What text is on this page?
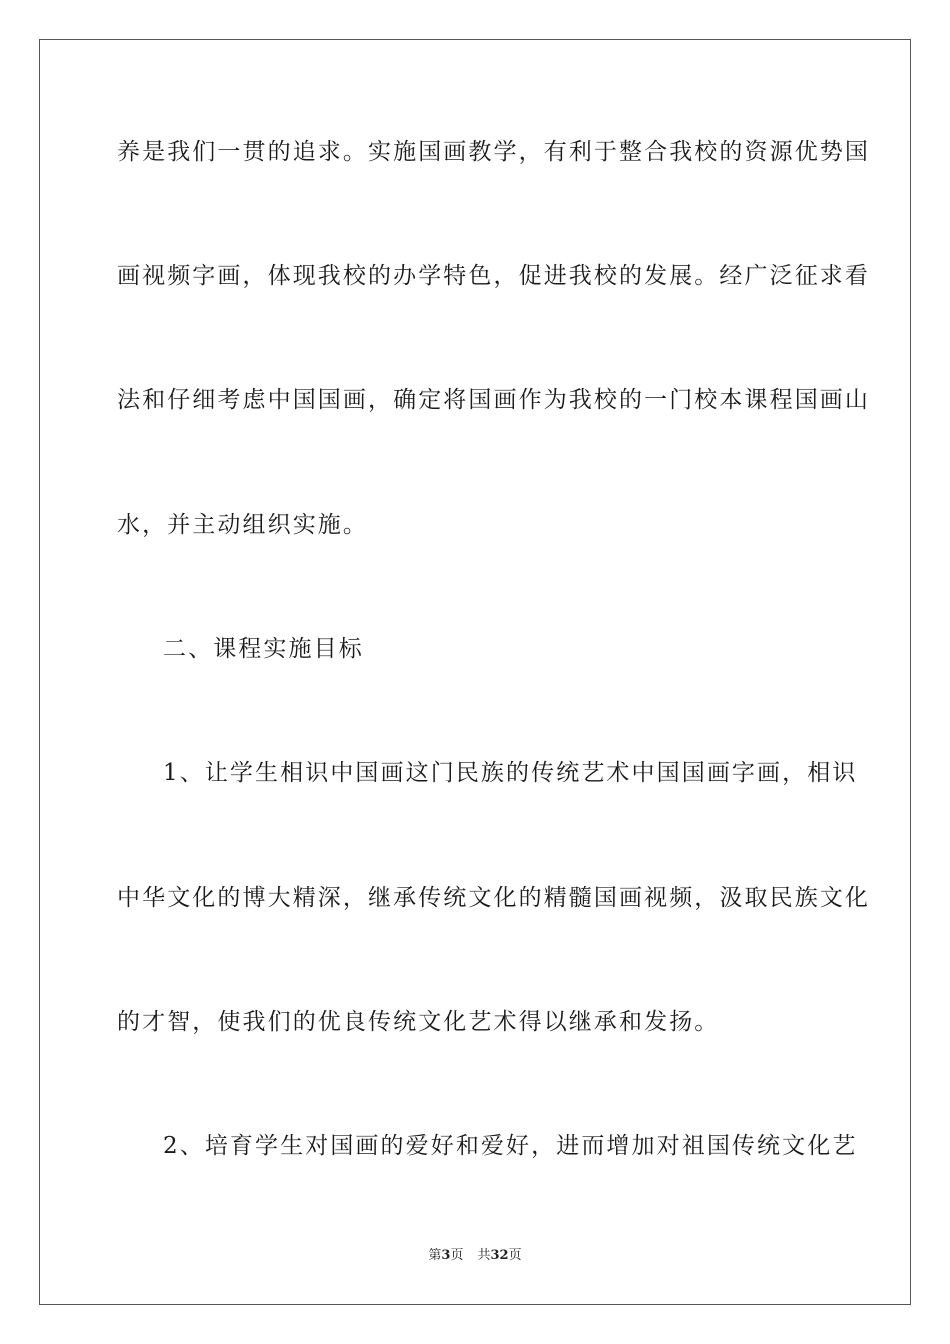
养是我们一贯的追求。实施国画教学，有利于整合我校的资源优势国
画视频字画，体现我校的办学特色，促进我校的发展。经广泛征求看
法和仔细考虑中国国画，确定将国画作为我校的一门校本课程国画山
水，并主动组织实施。
二、课程实施目标
1、让学生相识中国画这门民族的传统艺术中国国画字画，相识
中华文化的博大精深，继承传统文化的精髓国画视频，汲取民族文化
的才智，使我们的优良传统文化艺术得以继承和发扬。
2、培育学生对国画的爱好和爱好，进而增加对祖国传统文化艺
第3页 共32页
